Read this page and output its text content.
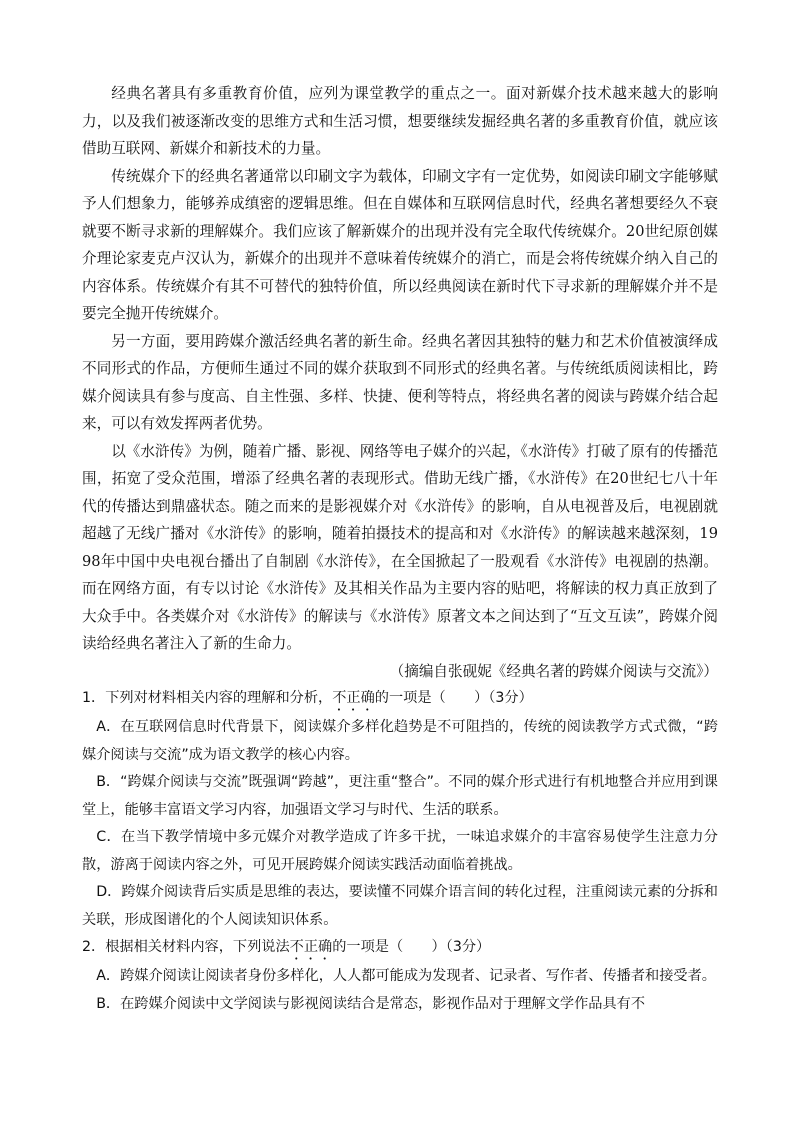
经典名著具有多重教育价值，应列为课堂教学的重点之一。面对新媒介技术越来越大的影响力，以及我们被逐渐改变的思维方式和生活习惯，想要继续发掘经典名著的多重教育价值，就应该借助互联网、新媒介和新技术的力量。

传统媒介下的经典名著通常以印刷文字为载体，印刷文字有一定优势，如阅读印刷文字能够赋予人们想象力，能够养成缜密的逻辑思维。但在自媒体和互联网信息时代，经典名著想要经久不衰就要不断寻求新的理解媒介。我们应该了解新媒介的出现并没有完全取代传统媒介。20世纪原创媒介理论家麦克卢汉认为，新媒介的出现并不意味着传统媒介的消亡，而是会将传统媒介纳入自己的内容体系。传统媒介有其不可替代的独特价值，所以经典阅读在新时代下寻求新的理解媒介并不是要完全抛开传统媒介。

另一方面，要用跨媒介激活经典名著的新生命。经典名著因其独特的魅力和艺术价值被演绎成不同形式的作品，方便师生通过不同的媒介获取到不同形式的经典名著。与传统纸质阅读相比，跨媒介阅读具有参与度高、自主性强、多样、快捷、便利等特点，将经典名著的阅读与跨媒介结合起来，可以有效发挥两者优势。

以《水浒传》为例，随着广播、影视、网络等电子媒介的兴起，《水浒传》打破了原有的传播范围，拓宽了受众范围，增添了经典名著的表现形式。借助无线广播，《水浒传》在20世纪七八十年代的传播达到鼎盛状态。随之而来的是影视媒介对《水浒传》的影响，自从电视普及后，电视剧就超越了无线广播对《水浒传》的影响，随着拍摄技术的提高和对《水浒传》的解读越来越深刻，1998年中国中央电视台播出了自制剧《水浒传》，在全国掀起了一股观看《水浒传》电视剧的热潮。而在网络方面，有专以讨论《水浒传》及其相关作品为主要内容的贴吧，将解读的权力真正放到了大众手中。各类媒介对《水浒传》的解读与《水浒传》原著文本之间达到了“互文互读”，跨媒介阅读给经典名著注入了新的生命力。

（摘编自张砚妮《经典名著的跨媒介阅读与交流》）

1．下列对材料相关内容的理解和分析，不正确的一项是（　　）（3分）

A．在互联网信息时代背景下，阅读媒介多样化趋势是不可阻挡的，传统的阅读教学方式式微，“跨媒介阅读与交流”成为语文教学的核心内容。

B．“跨媒介阅读与交流”既强调“跨越”，更注重“整合”。不同的媒介形式进行有机地整合并应用到课堂上，能够丰富语文学习内容，加强语文学习与时代、生活的联系。

C．在当下教学情境中多元媒介对教学造成了许多干扰，一味追求媒介的丰富容易使学生注意力分散，游离于阅读内容之外，可见开展跨媒介阅读实践活动面临着挑战。

D．跨媒介阅读背后实质是思维的表达，要读懂不同媒介语言间的转化过程，注重阅读元素的分拆和关联，形成图谱化的个人阅读知识体系。

2．根据相关材料内容，下列说法不正确的一项是（　　）（3分）

A．跨媒介阅读让阅读者身份多样化，人人都可能成为发现者、记录者、写作者、传播者和接受者。

B．在跨媒介阅读中文学阅读与影视阅读结合是常态，影视作品对于理解文学作品具有不
